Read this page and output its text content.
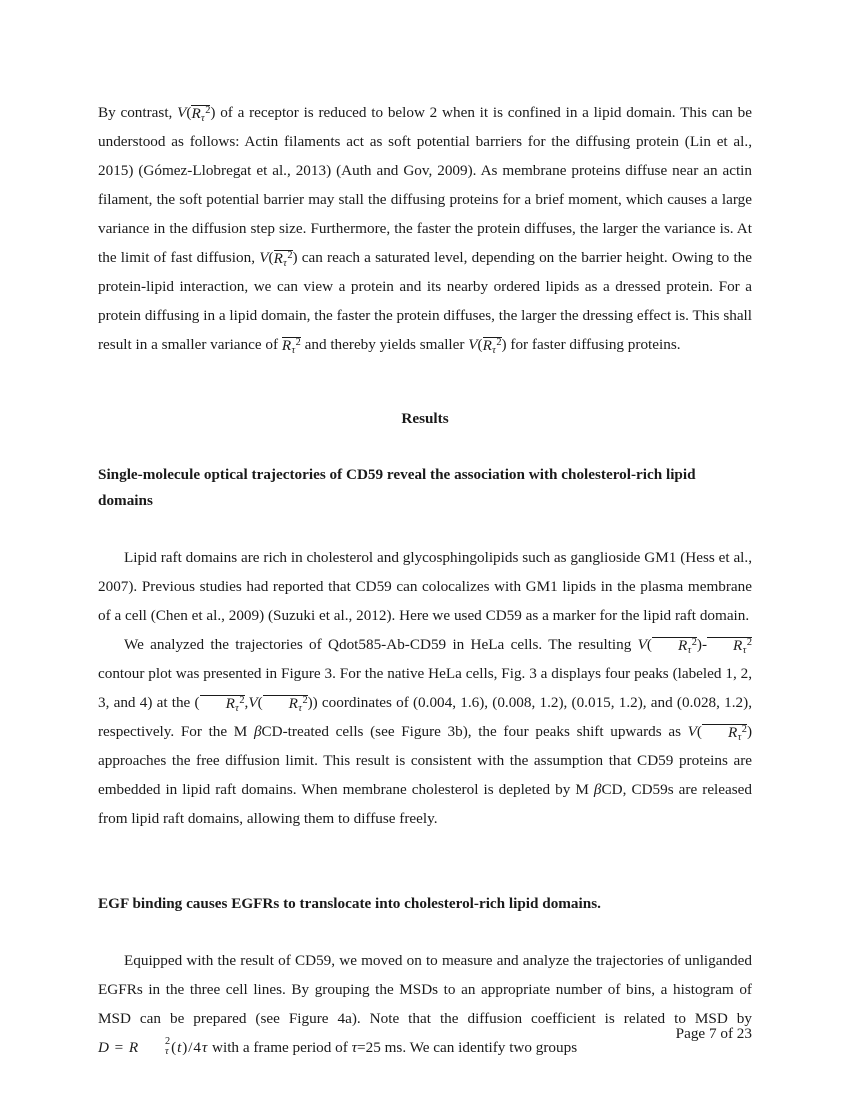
By contrast, $V(R_\tau^2)$ of a receptor is reduced to below 2 when it is confined in a lipid domain. This can be understood as follows: Actin filaments act as soft potential barriers for the diffusing protein (Lin et al., 2015) (Gómez-Llobregat et al., 2013) (Auth and Gov, 2009). As membrane proteins diffuse near an actin filament, the soft potential barrier may stall the diffusing proteins for a brief moment, which causes a large variance in the diffusion step size. Furthermore, the faster the protein diffuses, the larger the variance is. At the limit of fast diffusion, $V(R_\tau^2)$ can reach a saturated level, depending on the barrier height. Owing to the protein-lipid interaction, we can view a protein and its nearby ordered lipids as a dressed protein. For a protein diffusing in a lipid domain, the faster the protein diffuses, the larger the dressing effect is. This shall result in a smaller variance of $R_\tau^2$ and thereby yields smaller $V(R_\tau^2)$ for faster diffusing proteins.

Results
Single-molecule optical trajectories of CD59 reveal the association with cholesterol-rich lipid domains

Lipid raft domains are rich in cholesterol and glycosphingolipids such as ganglioside GM1 (Hess et al., 2007). Previous studies had reported that CD59 can colocalizes with GM1 lipids in the plasma membrane of a cell (Chen et al., 2009) (Suzuki et al., 2012). Here we used CD59 as a marker for the lipid raft domain.

We analyzed the trajectories of Qdot585-Ab-CD59 in HeLa cells. The resulting V( $R_\tau^2)-$ $R_\tau^2$ contour plot was presented in Figure 3. For the native HeLa cells, Fig. 3 a displays four peaks (labeled 1, 2, 3, and 4) at the ( $R_\tau^2,V$( $R_\tau^2$)) coordinates of (0.004, 1.6), (0.008, 1.2), (0.015, 1.2), and (0.028, 1.2), respectively. For the M βCD-treated cells (see Figure 3b), the four peaks shift upwards as V( $R_\tau^2$) approaches the free diffusion limit. This result is consistent with the assumption that CD59 proteins are embedded in lipid raft domains. When membrane cholesterol is depleted by M βCD, CD59s are released from lipid raft domains, allowing them to diffuse freely.

EGF binding causes EGFRs to translocate into cholesterol-rich lipid domains.

Equipped with the result of CD59, we moved on to measure and analyze the trajectories of unliganded EGFRs in the three cell lines. By grouping the MSDs to an appropriate number of bins, a histogram of MSD can be prepared (see Figure 4a). Note that the diffusion coefficient is related to MSD by D = R	2
τ (t)/4τ with a frame period of τ=25 ms. We can identify two groups

Page 7 of 23
